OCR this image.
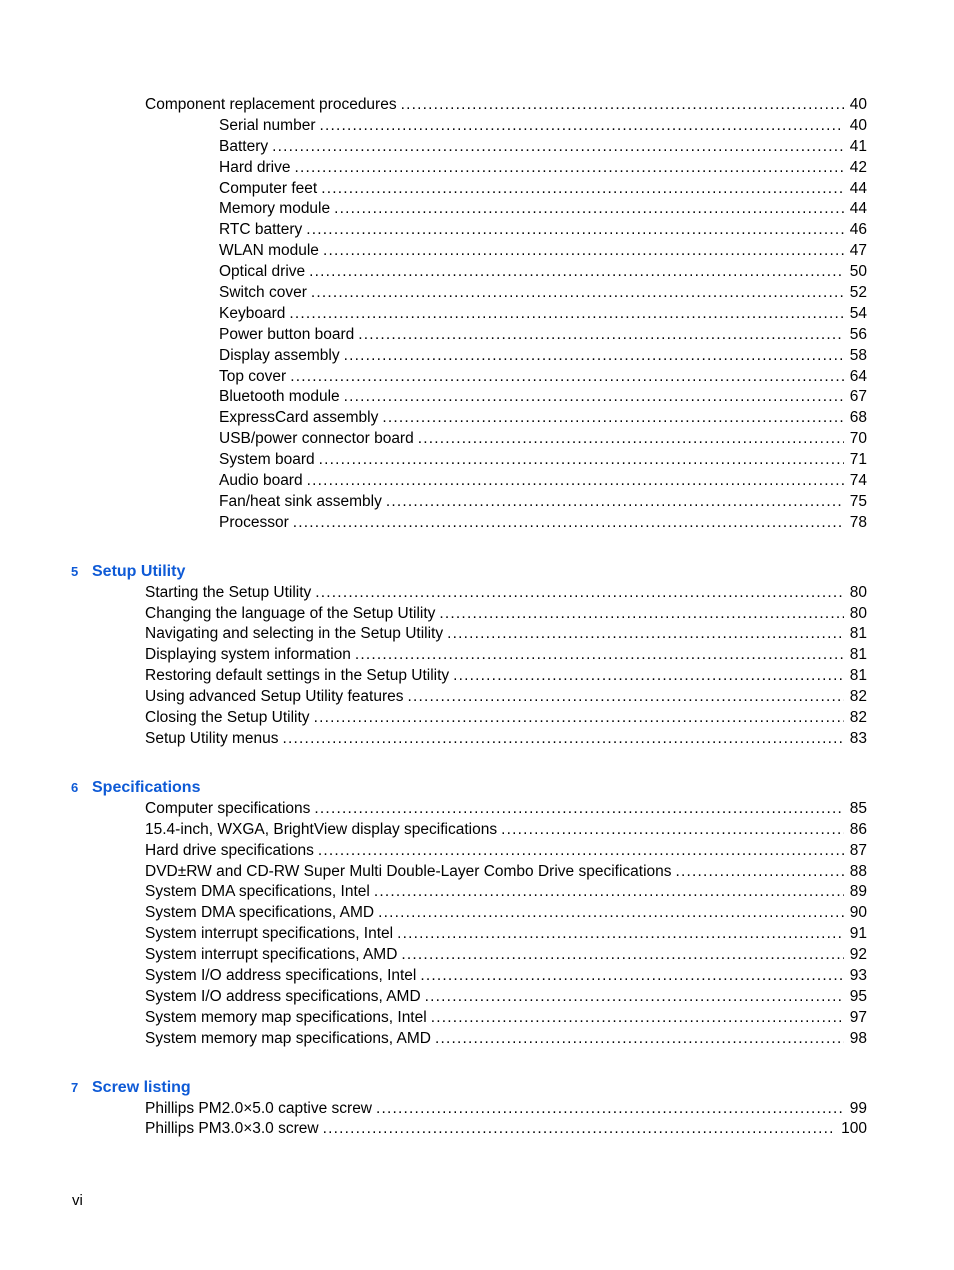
Component replacement procedures .....	40
Serial number .....	40
Battery .....	41
Hard drive .....	42
Computer feet .....	44
Memory module .....	44
RTC battery .....	46
WLAN module .....	47
Optical drive .....	50
Switch cover .....	52
Keyboard .....	54
Power button board .....	56
Display assembly .....	58
Top cover .....	64
Bluetooth module .....	67
ExpressCard assembly .....	68
USB/power connector board .....	70
System board .....	71
Audio board .....	74
Fan/heat sink assembly .....	75
Processor .....	78
5 Setup Utility
Starting the Setup Utility .....	80
Changing the language of the Setup Utility .....	80
Navigating and selecting in the Setup Utility .....	81
Displaying system information .....	81
Restoring default settings in the Setup Utility .....	81
Using advanced Setup Utility features .....	82
Closing the Setup Utility .....	82
Setup Utility menus .....	83
6 Specifications
Computer specifications .....	85
15.4-inch, WXGA, BrightView display specifications .....	86
Hard drive specifications .....	87
DVD±RW and CD-RW Super Multi Double-Layer Combo Drive specifications .....	88
System DMA specifications, Intel .....	89
System DMA specifications, AMD .....	90
System interrupt specifications, Intel .....	91
System interrupt specifications, AMD .....	92
System I/O address specifications, Intel .....	93
System I/O address specifications, AMD .....	95
System memory map specifications, Intel .....	97
System memory map specifications, AMD .....	98
7 Screw listing
Phillips PM2.0×5.0 captive screw .....	99
Phillips PM3.0×3.0 screw .....	100
vi
